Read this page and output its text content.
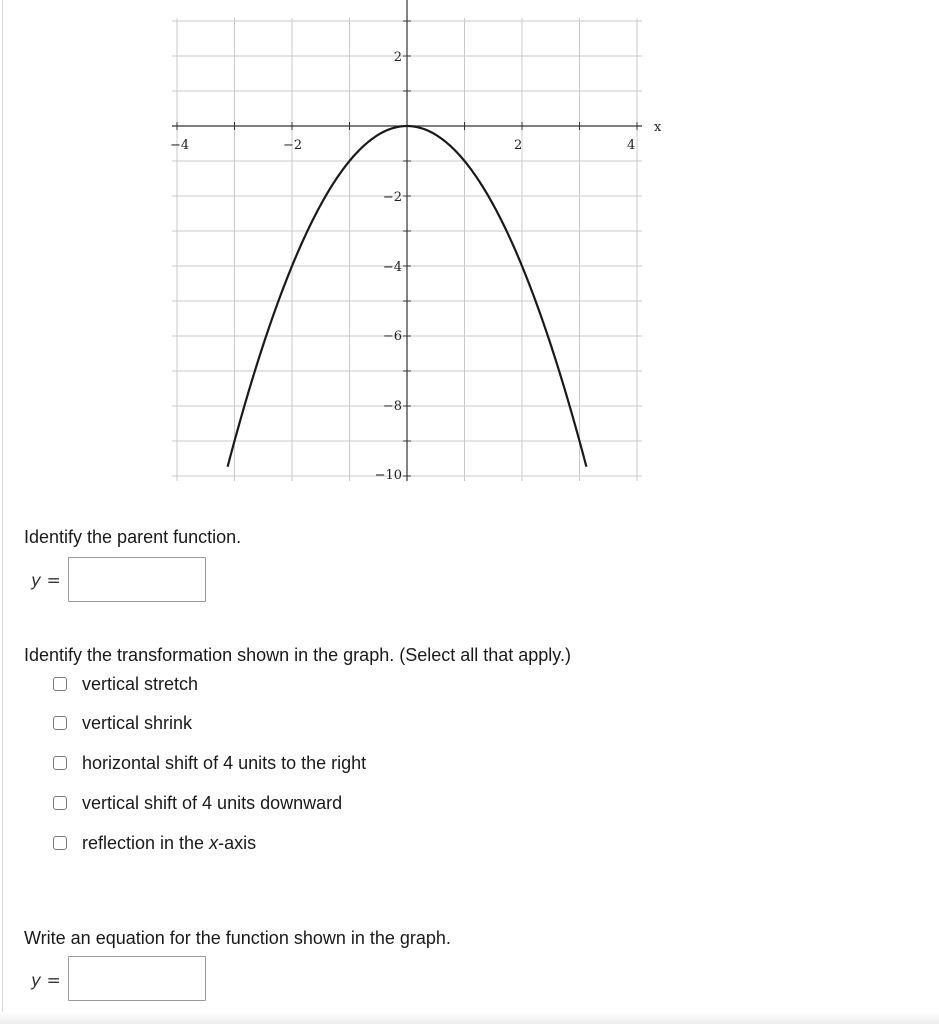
−4	−2	2	4
x
2
−2
−4
−6
−8
−10
Identify the parent function.
y =
Identify the transformation shown in the graph. (Select all that apply.)
vertical stretch
vertical shrink
horizontal shift of 4 units to the right
vertical shift of 4 units downward
reflection in the x-axis
Write an equation for the function shown in the graph.
y =
